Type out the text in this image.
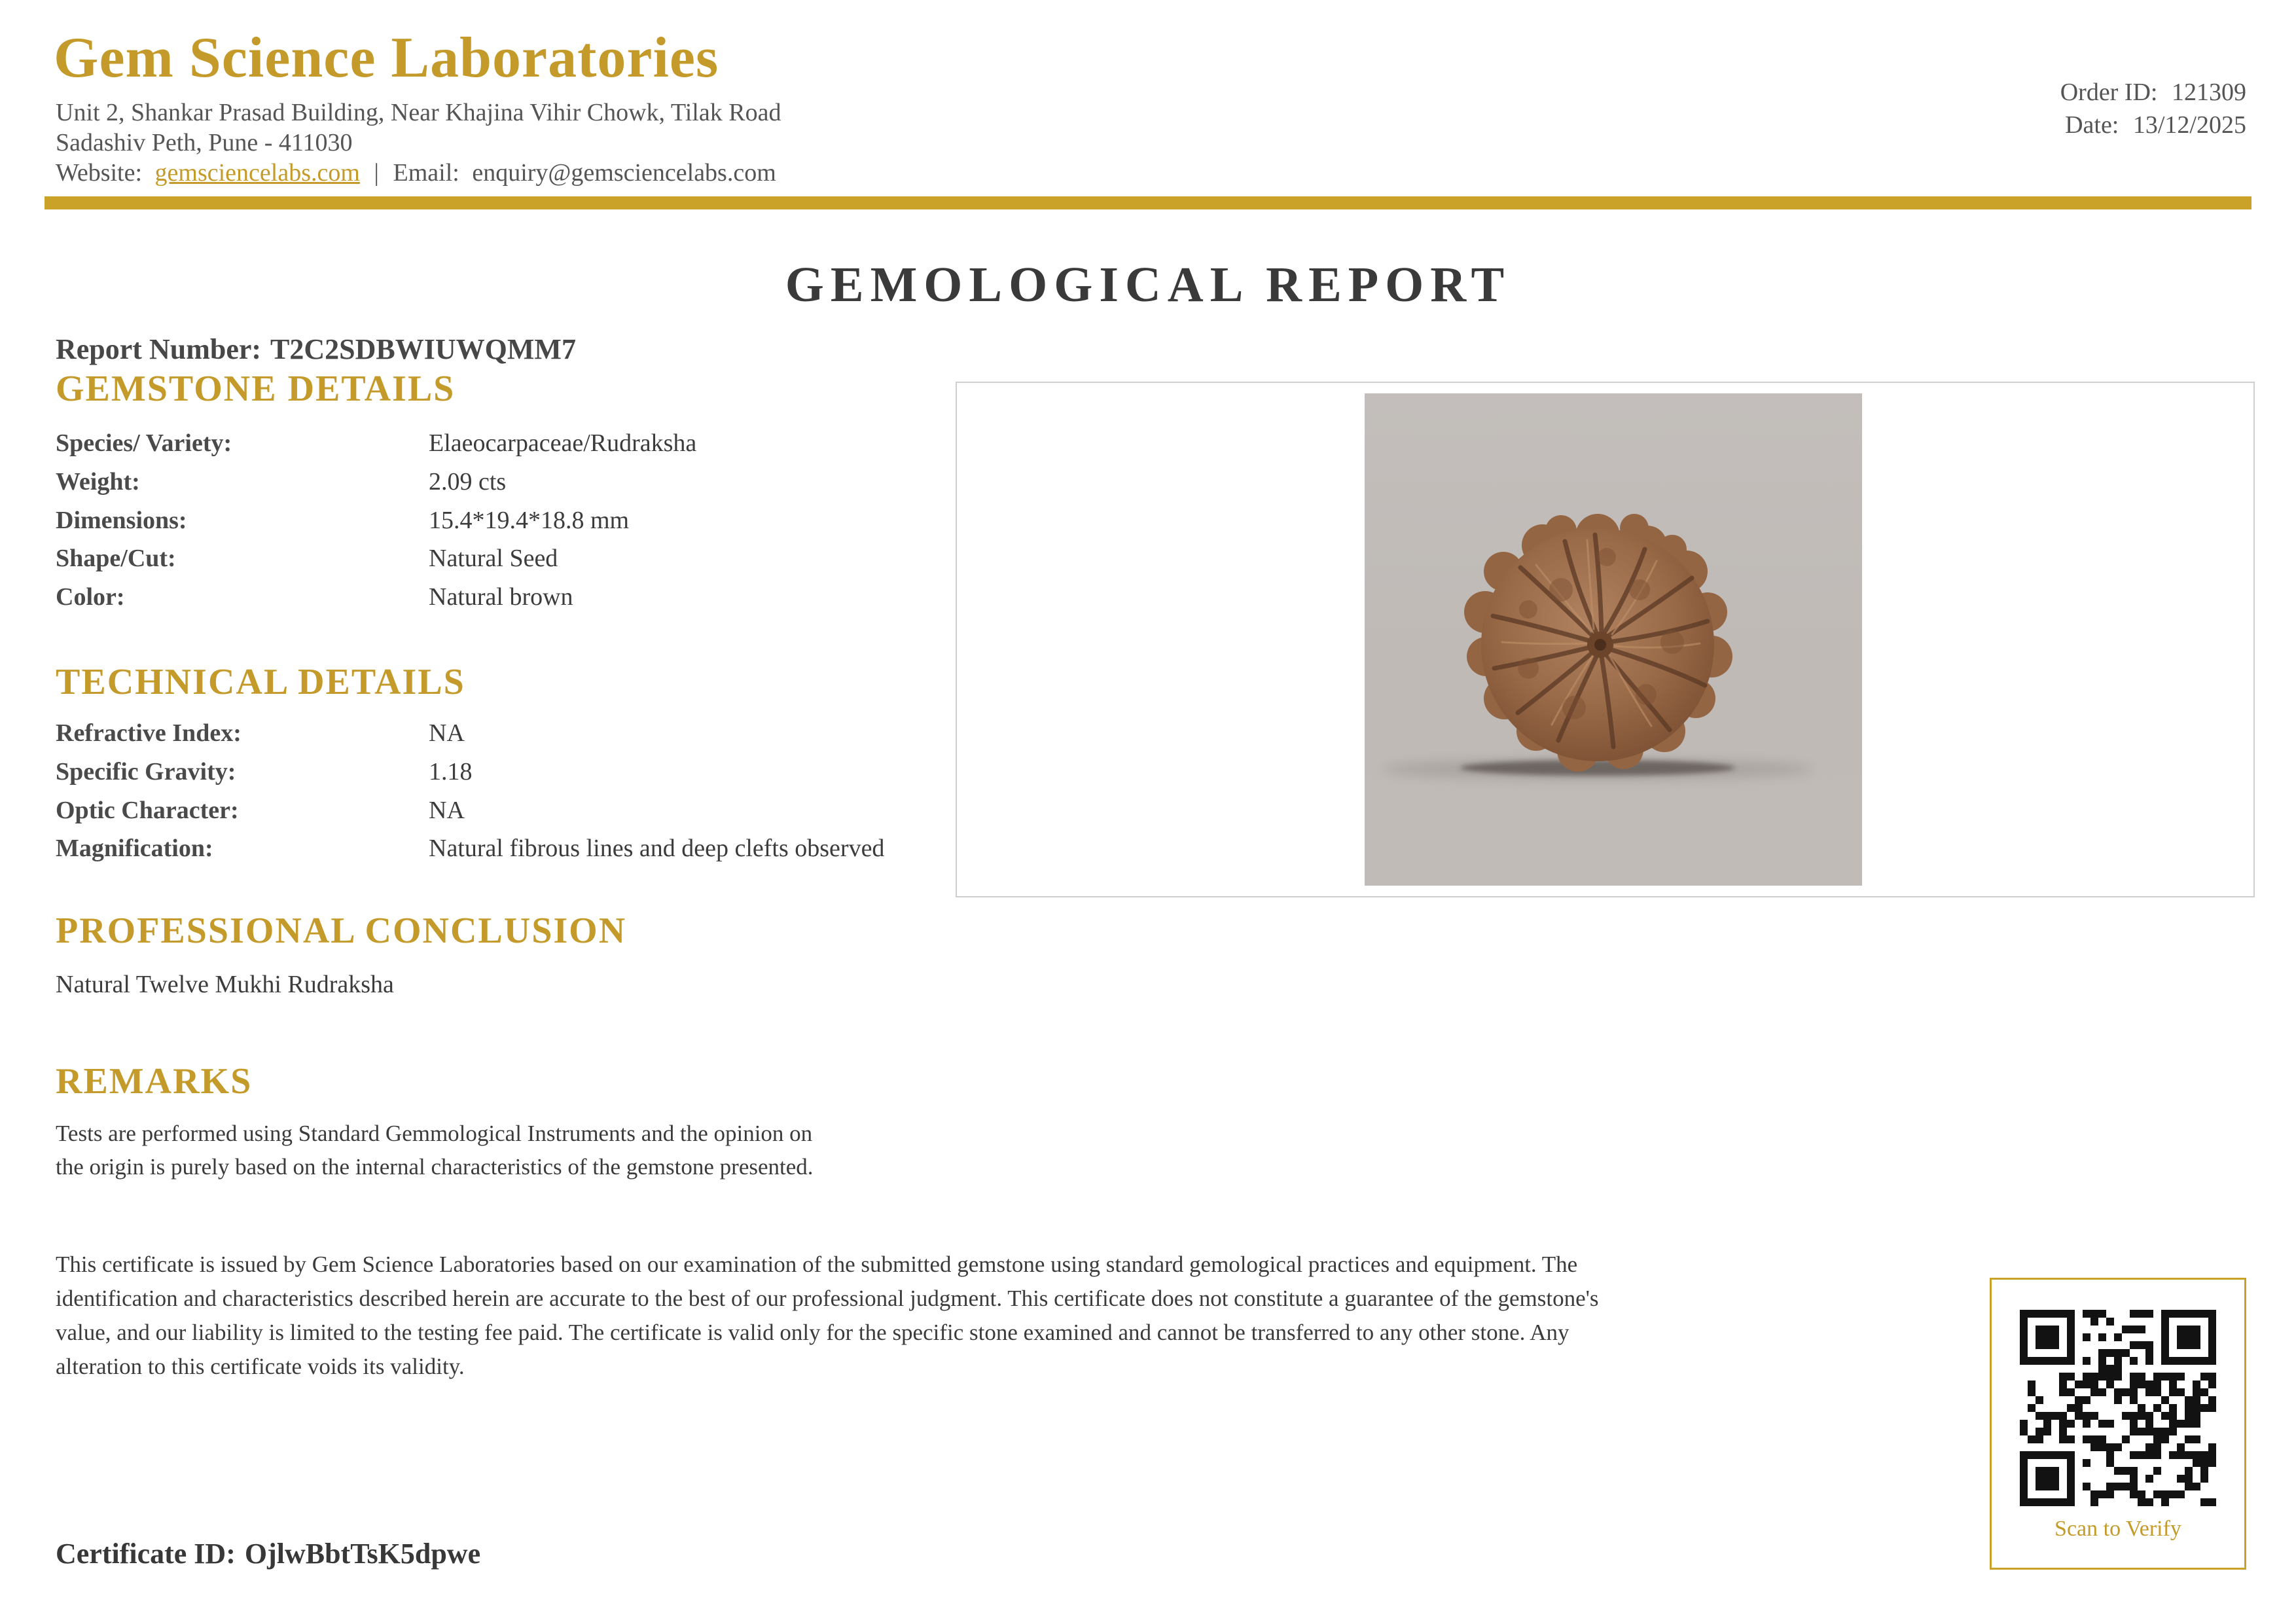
Gem Science Laboratories
Unit 2, Shankar Prasad Building, Near Khajina Vihir Chowk, Tilak Road
Sadashiv Peth, Pune - 411030
Website: gemsciencelabs.com | Email: enquiry@gemsciencelabs.com
Order ID: 121309
Date: 13/12/2025
GEMOLOGICAL REPORT
Report Number: T2C2SDBWIUWQMM7
GEMSTONE DETAILS
Species/ Variety:	Elaeocarpaceae/Rudraksha
Weight:	2.09 cts
Dimensions:	15.4*19.4*18.8 mm
Shape/Cut:	Natural Seed
Color:	Natural brown
TECHNICAL DETAILS
Refractive Index:	NA
Specific Gravity:	1.18
Optic Character:	NA
Magnification:	Natural fibrous lines and deep clefts observed
PROFESSIONAL CONCLUSION
Natural Twelve Mukhi Rudraksha
REMARKS
Tests are performed using Standard Gemmological Instruments and the opinion on
the origin is purely based on the internal characteristics of the gemstone presented.
This certificate is issued by Gem Science Laboratories based on our examination of the submitted gemstone using standard gemological practices and equipment. The
identification and characteristics described herein are accurate to the best of our professional judgment. This certificate does not constitute a guarantee of the gemstone's
value, and our liability is limited to the testing fee paid. The certificate is valid only for the specific stone examined and cannot be transferred to any other stone. Any
alteration to this certificate voids its validity.
Certificate ID: OjlwBbtTsK5dpwe
Scan to Verify
